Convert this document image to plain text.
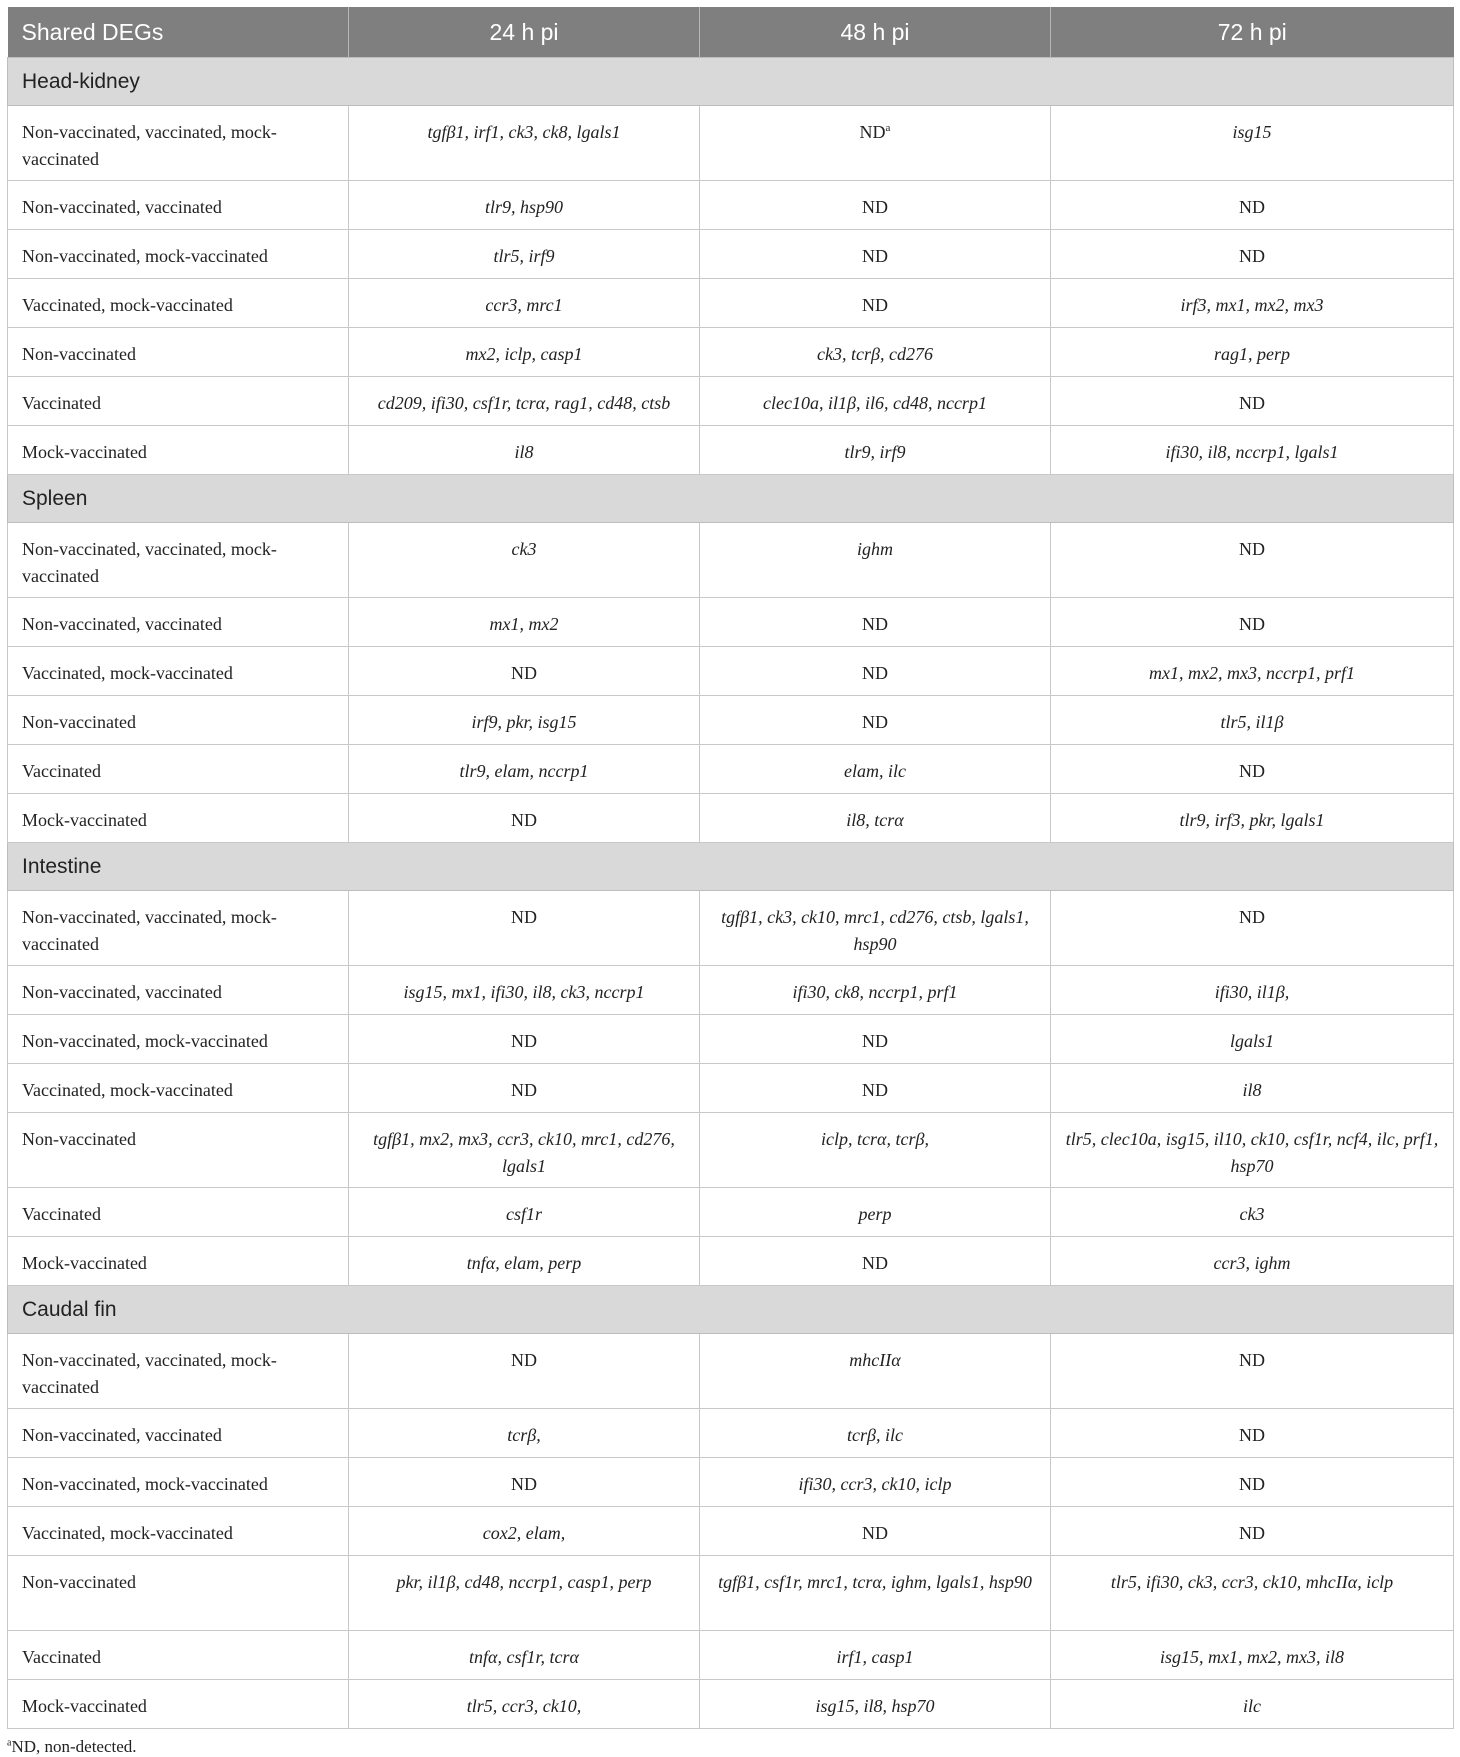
Shared DEGs	24 h pi	48 h pi	72 h pi
Head-kidney			
Non-vaccinated, vaccinated, mock-vaccinated	tgfβ1, irf1, ck3, ck8, lgals1	$ND^a$	isg15
Non-vaccinated, vaccinated	tlr9, hsp90	ND	ND
Non-vaccinated, mock-vaccinated	tlr5, irf9	ND	ND
Vaccinated, mock-vaccinated	ccr3, mrc1	ND	irf3, mx1, mx2, mx3
Non-vaccinated	mx2, iclp, casp1	ck3, tcrβ, cd276	rag1, perp
Vaccinated	cd209, ifi30, csf1r, tcrα, rag1, cd48, ctsb	clec10a, il1β, il6, cd48, nccrp1	ND
Mock-vaccinated	il8	tlr9, irf9	ifi30, il8, nccrp1, lgals1
Spleen			
Non-vaccinated, vaccinated, mock-vaccinated	ck3	ighm	ND
Non-vaccinated, vaccinated	mx1, mx2	ND	ND
Vaccinated, mock-vaccinated	ND	ND	mx1, mx2, mx3, nccrp1, prf1
Non-vaccinated	irf9, pkr, isg15	ND	tlr5, il1β
Vaccinated	tlr9, elam, nccrp1	elam, ilc	ND
Mock-vaccinated	ND	il8, tcrα	tlr9, irf3, pkr, lgals1
Intestine			
Non-vaccinated, vaccinated, mock-vaccinated	ND	tgfβ1, ck3, ck10, mrc1, cd276, ctsb, lgals1, hsp90	ND
Non-vaccinated, vaccinated	isg15, mx1, ifi30, il8, ck3, nccrp1	ifi30, ck8, nccrp1, prf1	ifi30, il1β,
Non-vaccinated, mock-vaccinated	ND	ND	lgals1
Vaccinated, mock-vaccinated	ND	ND	il8
Non-vaccinated	tgfβ1, mx2, mx3, ccr3, ck10, mrc1, cd276, lgals1	iclp, tcrα, tcrβ,	tlr5, clec10a, isg15, il10, ck10, csf1r, ncf4, ilc, prf1, hsp70
Vaccinated	csf1r	perp	ck3
Mock-vaccinated	tnfα, elam, perp	ND	ccr3, ighm
Caudal fin			
Non-vaccinated, vaccinated, mock-vaccinated	ND	mhcIIα	ND
Non-vaccinated, vaccinated	tcrβ,	tcrβ, ilc	ND
Non-vaccinated, mock-vaccinated	ND	ifi30, ccr3, ck10, iclp	ND
Vaccinated, mock-vaccinated	cox2, elam,	ND	ND
Non-vaccinated	pkr, il1β, cd48, nccrp1, casp1, perp	tgfβ1, csf1r, mrc1, tcrα, ighm, lgals1, hsp90	tlr5, ifi30, ck3, ccr3, ck10, mhcIIα, iclp
Vaccinated	tnfα, csf1r, tcrα	irf1, casp1	isg15, mx1, mx2, mx3, il8
Mock-vaccinated	tlr5, ccr3, ck10,	isg15, il8, hsp70	ilc
$^a$ND, non-detected.
